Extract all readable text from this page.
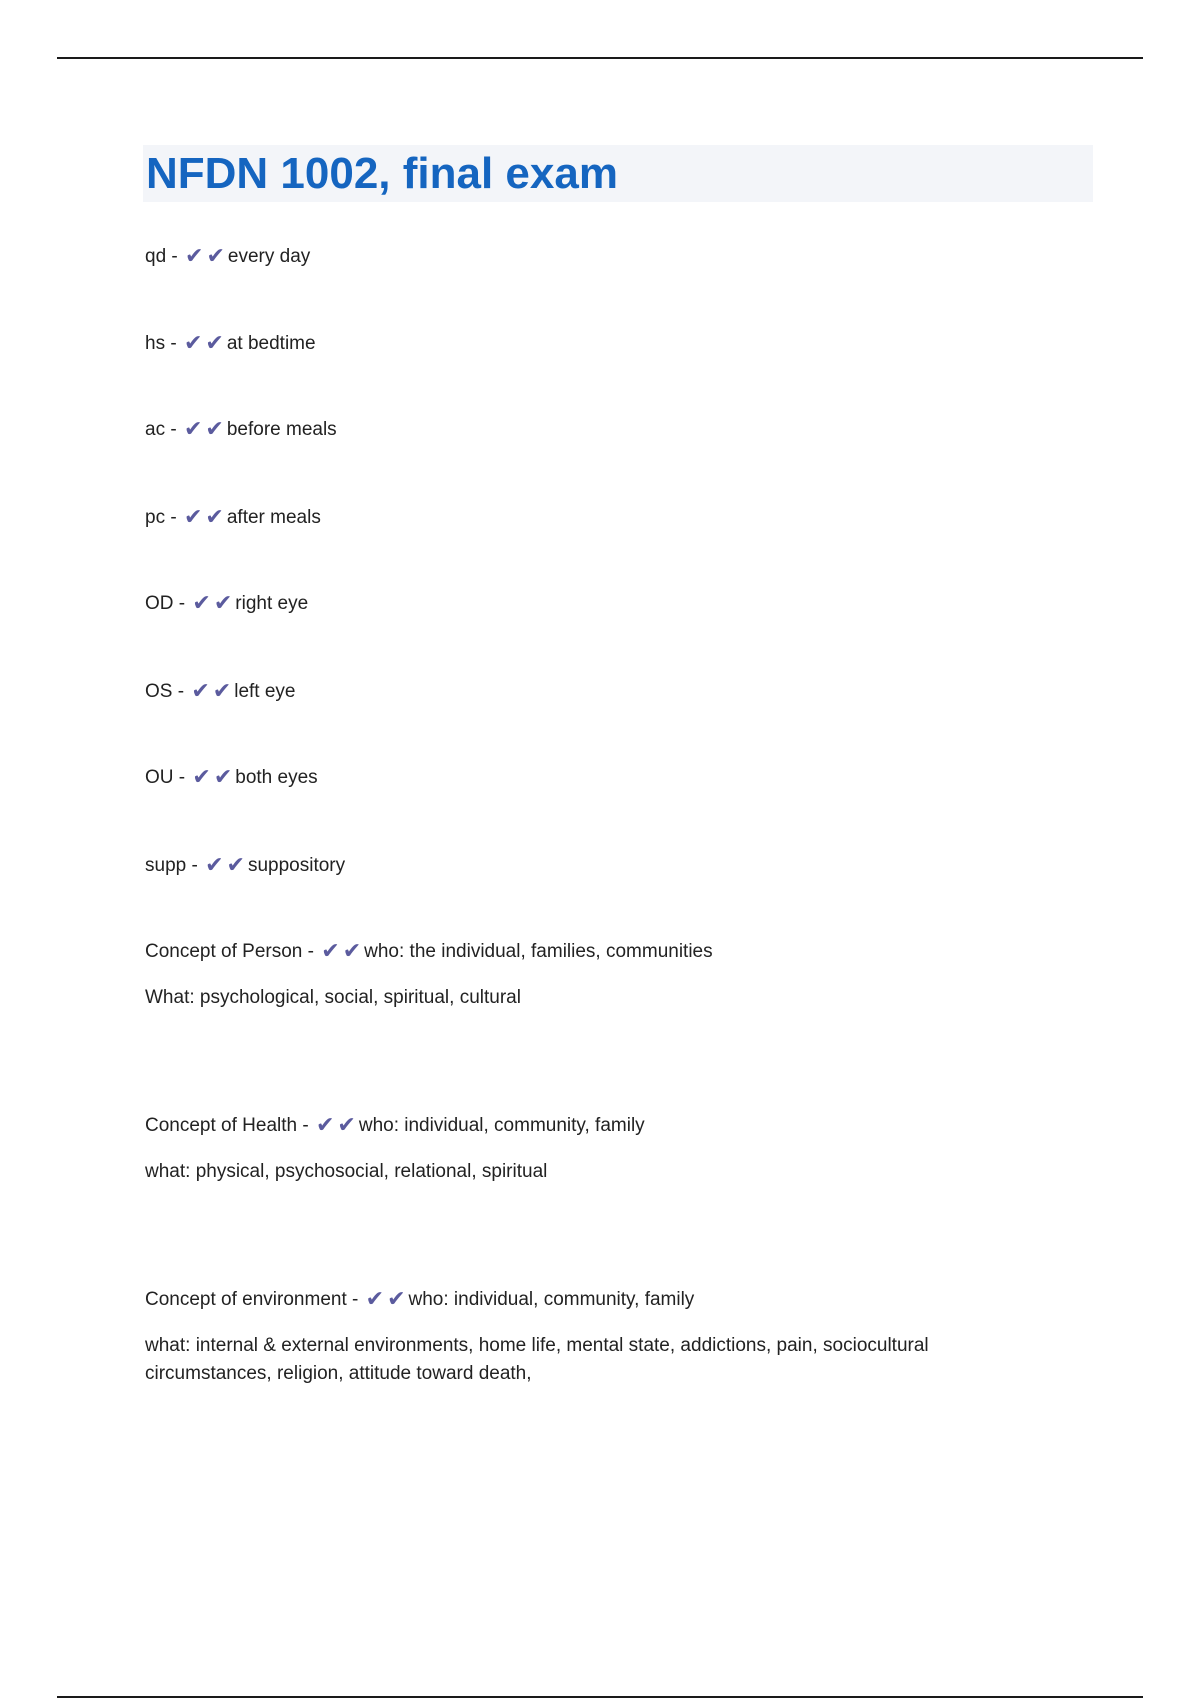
NFDN 1002, final exam

qd - ✔ ✔ every day

hs - ✔ ✔ at bedtime

ac - ✔ ✔ before meals

pc - ✔ ✔ after meals

OD - ✔ ✔ right eye

OS - ✔ ✔ left eye

OU - ✔ ✔ both eyes

supp - ✔ ✔ suppository

Concept of Person - ✔ ✔ who: the individual, families, communities
What: psychological, social, spiritual, cultural

Concept of Health - ✔ ✔ who: individual, community, family
what: physical, psychosocial, relational, spiritual

Concept of environment - ✔ ✔ who: individual, community, family
what: internal & external environments, home life, mental state, addictions, pain, sociocultural
circumstances, religion, attitude toward death,
